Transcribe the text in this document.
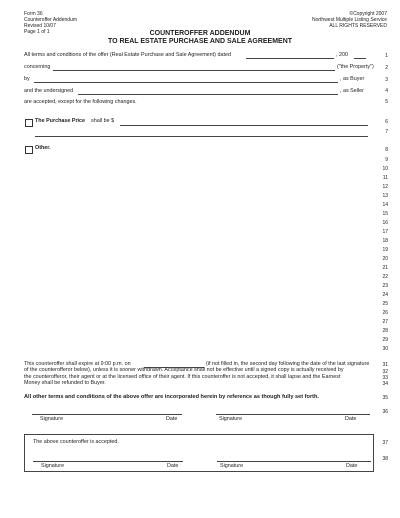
Form 36
Counteroffer Addendum
Revised 10/07
Page 1 of 1
©Copyright 2007
Northwest Multiple Listing Service
ALL RIGHTS RESERVED
COUNTEROFFER ADDENDUM
TO REAL ESTATE PURCHASE AND SALE AGREEMENT
All terms and conditions of the offer (Real Estate Purchase and Sale Agreement) dated	, 200
concerning	("the Property")
by	, as Buyer
and the undersigned	, as Seller
are accepted, except for the following changes.
The Purchase Price shall be $
Other.
1
2
3
4
5
6
7
8
9
10
11
12
13
14
15
16
17
18
19
20
21
22
23
24
25
26
27
28
29
30
31
32
33
34
35
36
37
38
This counteroffer shall expire at 9:00 p.m. on	(if not filled in, the second day following the date of the last signature
of the counterofferor below), unless it is sooner withdrawn. Acceptance shall not be effective until a signed copy is actually received by
the counterofferor, their agent or at the licensed office of their agent. If this counteroffer is not accepted, it shall lapse and the Earnest
Money shall be refunded to Buyer.
All other terms and conditions of the above offer are incorporated herein by reference as though fully set forth.
Signature	Date	Signature	Date
The above counteroffer is accepted.
Signature	Date	Signature	Date
